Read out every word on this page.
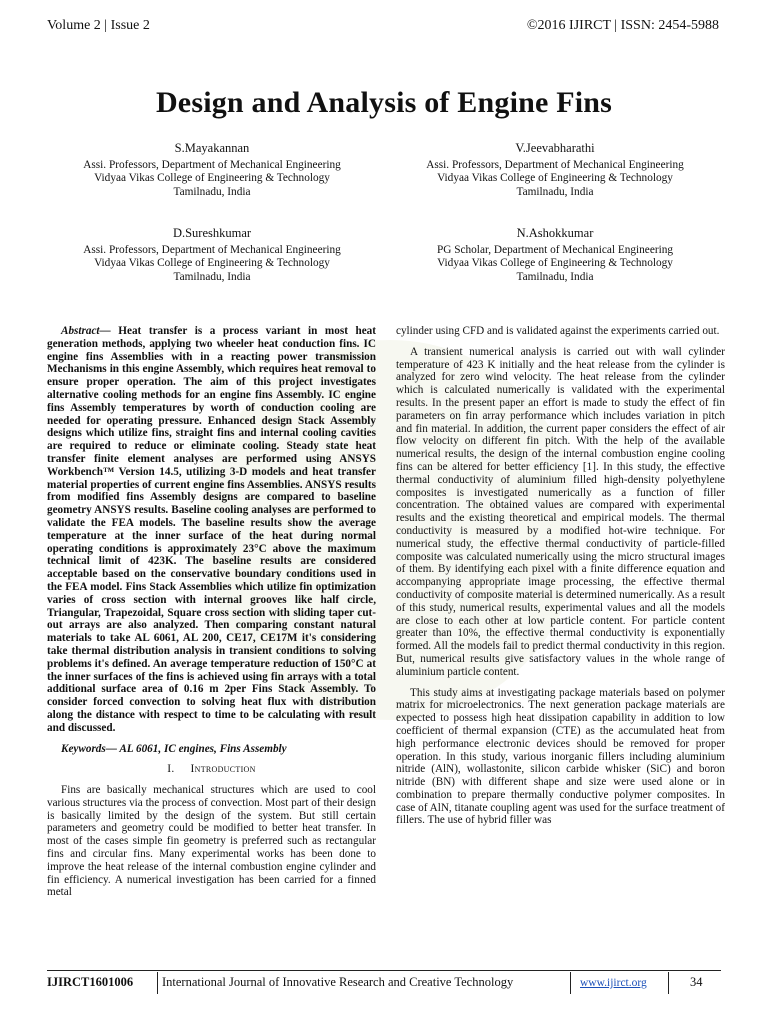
Volume 2 | Issue 2	©2016 IJIRCT | ISSN: 2454-5988
Design and Analysis of Engine Fins
S.Mayakannan
Assi. Professors, Department of Mechanical Engineering
Vidyaa Vikas College of Engineering & Technology
Tamilnadu, India
V.Jeevabharathi
Assi. Professors, Department of Mechanical Engineering
Vidyaa Vikas College of Engineering & Technology
Tamilnadu, India
D.Sureshkumar
Assi. Professors, Department of Mechanical Engineering
Vidyaa Vikas College of Engineering & Technology
Tamilnadu, India
N.Ashokkumar
PG Scholar, Department of Mechanical Engineering
Vidyaa Vikas College of Engineering & Technology
Tamilnadu, India

Abstract— Heat transfer is a process variant in most heat generation methods, applying two wheeler heat conduction fins. IC engine fins Assemblies with in a reacting power transmission Mechanisms in this engine Assembly, which requires heat removal to ensure proper operation. The aim of this project investigates alternative cooling methods for an engine fins Assembly. IC engine fins Assembly temperatures by worth of conduction cooling are needed for operating pressure. Enhanced design Stack Assembly designs which utilize fins, straight fins and internal cooling cavities are required to reduce or eliminate cooling. Steady state heat transfer finite element analyses are performed using ANSYS Workbench™ Version 14.5, utilizing 3-D models and heat transfer material properties of current engine fins Assemblies. ANSYS results from modified fins Assembly designs are compared to baseline geometry ANSYS results. Baseline cooling analyses are performed to validate the FEA models. The baseline results show the average temperature at the inner surface of the heat during normal operating conditions is approximately 23°C above the maximum technical limit of 423K. The baseline results are considered acceptable based on the conservative boundary conditions used in the FEA model. Fins Stack Assemblies which utilize fin optimization varies of cross section with internal grooves like half circle, Triangular, Trapezoidal, Square cross section with sliding taper cut-out arrays are also analyzed. Then comparing constant natural materials to take AL 6061, AL 200, CE17, CE17M it's considering take thermal distribution analysis in transient conditions to solving problems it's defined. An average temperature reduction of 150°C at the inner surfaces of the fins is achieved using fin arrays with a total additional surface area of 0.16 m 2per Fins Stack Assembly. To consider forced convection to solving heat flux with distribution along the distance with respect to time to be calculating with result and discussed.

Keywords— AL 6061, IC engines, Fins Assembly

I. Introduction

Fins are basically mechanical structures which are used to cool various structures via the process of convection. Most part of their design is basically limited by the design of the system. But still certain parameters and geometry could be modified to better heat transfer. In most of the cases simple fin geometry is preferred such as rectangular fins and circular fins. Many experimental works has been done to improve the heat release of the internal combustion engine cylinder and fin efficiency. A numerical investigation has been carried for a finned metal

cylinder using CFD and is validated against the experiments carried out.

A transient numerical analysis is carried out with wall cylinder temperature of 423 K initially and the heat release from the cylinder is analyzed for zero wind velocity. The heat release from the cylinder which is calculated numerically is validated with the experimental results. In the present paper an effort is made to study the effect of fin parameters on fin array performance which includes variation in pitch and fin material. In addition, the current paper considers the effect of air flow velocity on different fin pitch. With the help of the available numerical results, the design of the internal combustion engine cooling fins can be altered for better efficiency [1]. In this study, the effective thermal conductivity of aluminium filled high-density polyethylene composites is investigated numerically as a function of filler concentration. The obtained values are compared with experimental results and the existing theoretical and empirical models. The thermal conductivity is measured by a modified hot-wire technique. For numerical study, the effective thermal conductivity of particle-filled composite was calculated numerically using the micro structural images of them. By identifying each pixel with a finite difference equation and accompanying appropriate image processing, the effective thermal conductivity of composite material is determined numerically. As a result of this study, numerical results, experimental values and all the models are close to each other at low particle content. For particle content greater than 10%, the effective thermal conductivity is exponentially formed. All the models fail to predict thermal conductivity in this region. But, numerical results give satisfactory values in the whole range of aluminium particle content.

This study aims at investigating package materials based on polymer matrix for microelectronics. The next generation package materials are expected to possess high heat dissipation capability in addition to low coefficient of thermal expansion (CTE) as the accumulated heat from high performance electronic devices should be removed for proper operation. In this study, various inorganic fillers including aluminium nitride (AlN), wollastonite, silicon carbide whisker (SiC) and boron nitride (BN) with different shape and size were used alone or in combination to prepare thermally conductive polymer composites. In case of AlN, titanate coupling agent was used for the surface treatment of fillers. The use of hybrid filler was

IJIRCT1601006 International Journal of Innovative Research and Creative Technology	www.ijirct.org	34
